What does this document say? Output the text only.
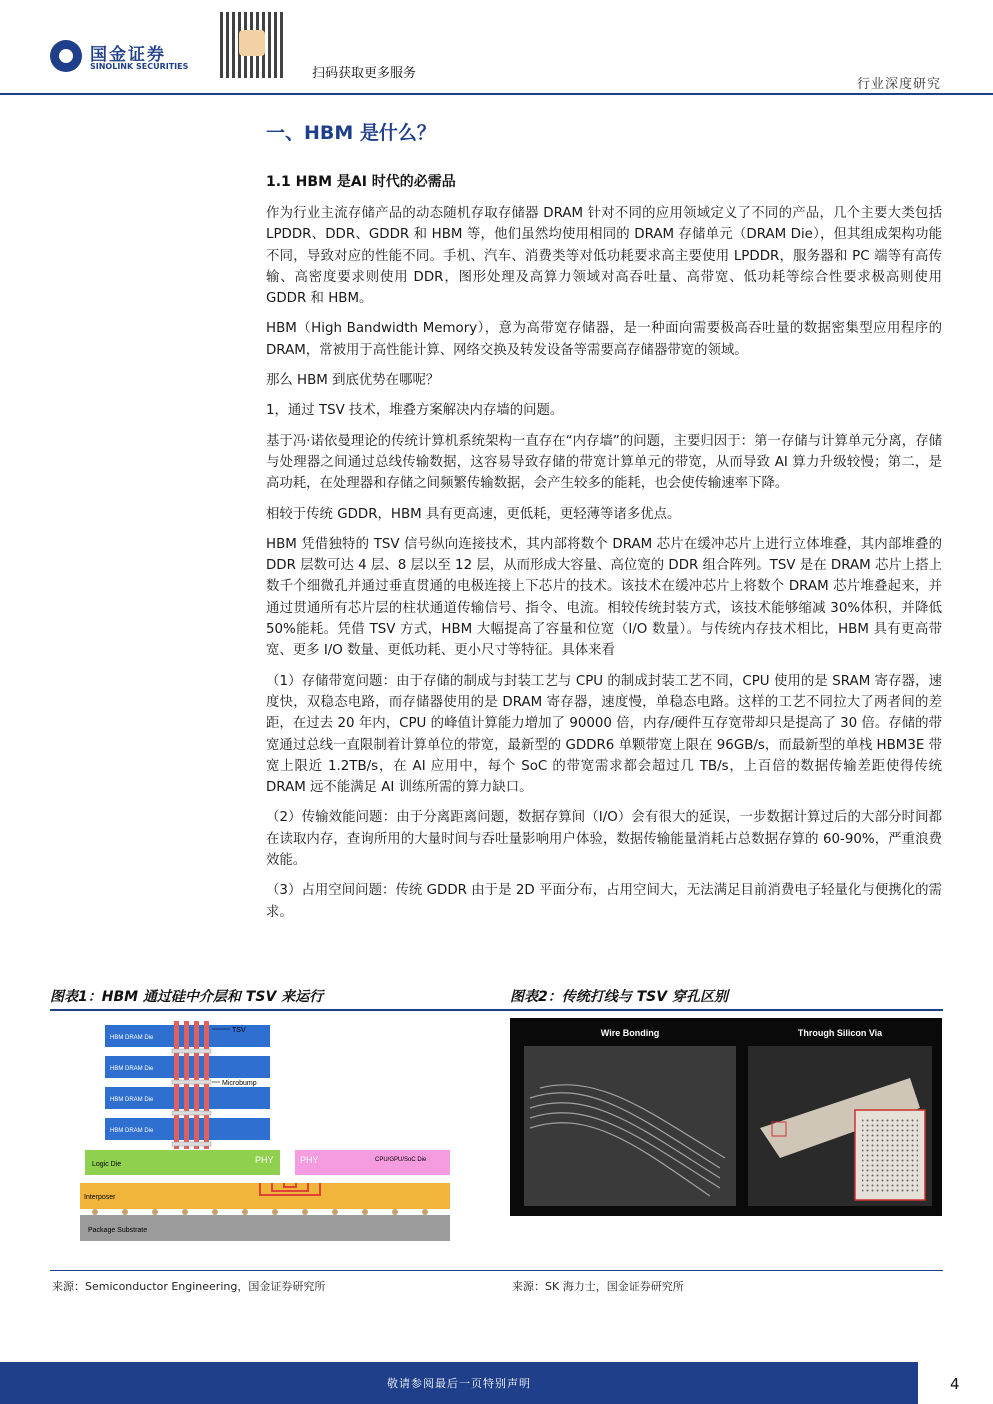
国金证券
SINOLINK SECURITIES	扫码获取更多服务
行业深度研究
一、HBM 是什么？
1.1 HBM 是AI 时代的必需品

作为行业主流存储产品的动态随机存取存储器 DRAM 针对不同的应用领域定义了不同的产品，几个主要大类包括 LPDDR、DDR、GDDR 和 HBM 等，他们虽然均使用相同的 DRAM 存储单元（DRAM Die），但其组成架构功能不同，导致对应的性能不同。手机、汽车、消费类等对低功耗要求高主要使用 LPDDR，服务器和 PC 端等有高传输、高密度要求则使用 DDR，图形处理及高算力领域对高吞吐量、高带宽、低功耗等综合性要求极高则使用 GDDR 和 HBM。

HBM（High Bandwidth Memory），意为高带宽存储器，是一种面向需要极高吞吐量的数据密集型应用程序的 DRAM，常被用于高性能计算、网络交换及转发设备等需要高存储器带宽的领域。

那么 HBM 到底优势在哪呢？

1，通过 TSV 技术，堆叠方案解决内存墙的问题。

基于冯·诺依曼理论的传统计算机系统架构一直存在“内存墙”的问题，主要归因于：第一存储与计算单元分离，存储与处理器之间通过总线传输数据，这容易导致存储的带宽计算单元的带宽，从而导致 AI 算力升级较慢；第二，是高功耗，在处理器和存储之间频繁传输数据，会产生较多的能耗，也会使传输速率下降。

相较于传统 GDDR，HBM 具有更高速，更低耗，更轻薄等诸多优点。

HBM 凭借独特的 TSV 信号纵向连接技术，其内部将数个 DRAM 芯片在缓冲芯片上进行立体堆叠，其内部堆叠的 DDR 层数可达 4 层、8 层以至 12 层，从而形成大容量、高位宽的 DDR 组合阵列。TSV 是在 DRAM 芯片上搭上数千个细微孔并通过垂直贯通的电极连接上下芯片的技术。该技术在缓冲芯片上将数个 DRAM 芯片堆叠起来，并通过贯通所有芯片层的柱状通道传输信号、指令、电流。相较传统封装方式，该技术能够缩减 30%体积，并降低 50%能耗。凭借 TSV 方式，HBM 大幅提高了容量和位宽（I/O 数量）。与传统内存技术相比，HBM 具有更高带宽、更多 I/O 数量、更低功耗、更小尺寸等特征。具体来看

（1）存储带宽问题：由于存储的制成与封装工艺与 CPU 的制成封装工艺不同，CPU 使用的是 SRAM 寄存器，速度快，双稳态电路，而存储器使用的是 DRAM 寄存器，速度慢，单稳态电路。这样的工艺不同拉大了两者间的差距，在过去 20 年内，CPU 的峰值计算能力增加了 90000 倍，内存/硬件互存宽带却只是提高了 30 倍。存储的带宽通过总线一直限制着计算单位的带宽，最新型的 GDDR6 单颗带宽上限在 96GB/s，而最新型的单栈 HBM3E 带宽上限近 1.2TB/s，在 AI 应用中，每个 SoC 的带宽需求都会超过几 TB/s，上百倍的数据传输差距使得传统 DRAM 远不能满足 AI 训练所需的算力缺口。

（2）传输效能问题：由于分离距离问题，数据存算间（I/O）会有很大的延误，一步数据计算过后的大部分时间都在读取内存，查询所用的大量时间与吞吐量影响用户体验，数据传输能量消耗占总数据存算的 60-90%，严重浪费效能。

（3）占用空间问题：传统 GDDR 由于是 2D 平面分布，占用空间大，无法满足目前消费电子轻量化与便携化的需求。

图表1：HBM 通过硅中介层和 TSV 来运行	图表2：传统打线与 TSV 穿孔区别
Package Substrate
Interposer
Logic Die	PHY	PHY	CPU/GPU/SoC Die
HBM DRAM Die
HBM DRAM Die
HBM DRAM Die
HBM DRAM Die
TSV
Microbump
Wire Bonding	Through Silicon Via
来源：Semiconductor Engineering，国金证券研究所	来源：SK 海力士，国金证券研究所
敬请参阅最后一页特别声明	4
